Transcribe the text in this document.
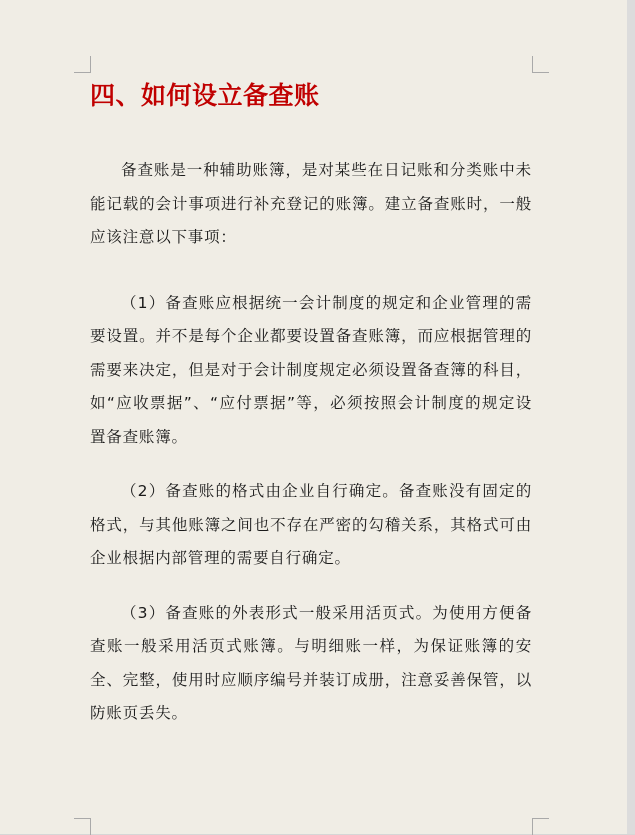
四、如何设立备查账

备查账是一种辅助账簿，是对某些在日记账和分类账中未能记载的会计事项进行补充登记的账簿。建立备查账时，一般应该注意以下事项：

（1）备查账应根据统一会计制度的规定和企业管理的需要设置。并不是每个企业都要设置备查账簿，而应根据管理的需要来决定，但是对于会计制度规定必须设置备查簿的科目，如“应收票据”、“应付票据”等，必须按照会计制度的规定设置备查账簿。

（2）备查账的格式由企业自行确定。备查账没有固定的格式，与其他账簿之间也不存在严密的勾稽关系，其格式可由企业根据内部管理的需要自行确定。

（3）备查账的外表形式一般采用活页式。为使用方便备查账一般采用活页式账簿。与明细账一样，为保证账簿的安全、完整，使用时应顺序编号并装订成册，注意妥善保管，以防账页丢失。
